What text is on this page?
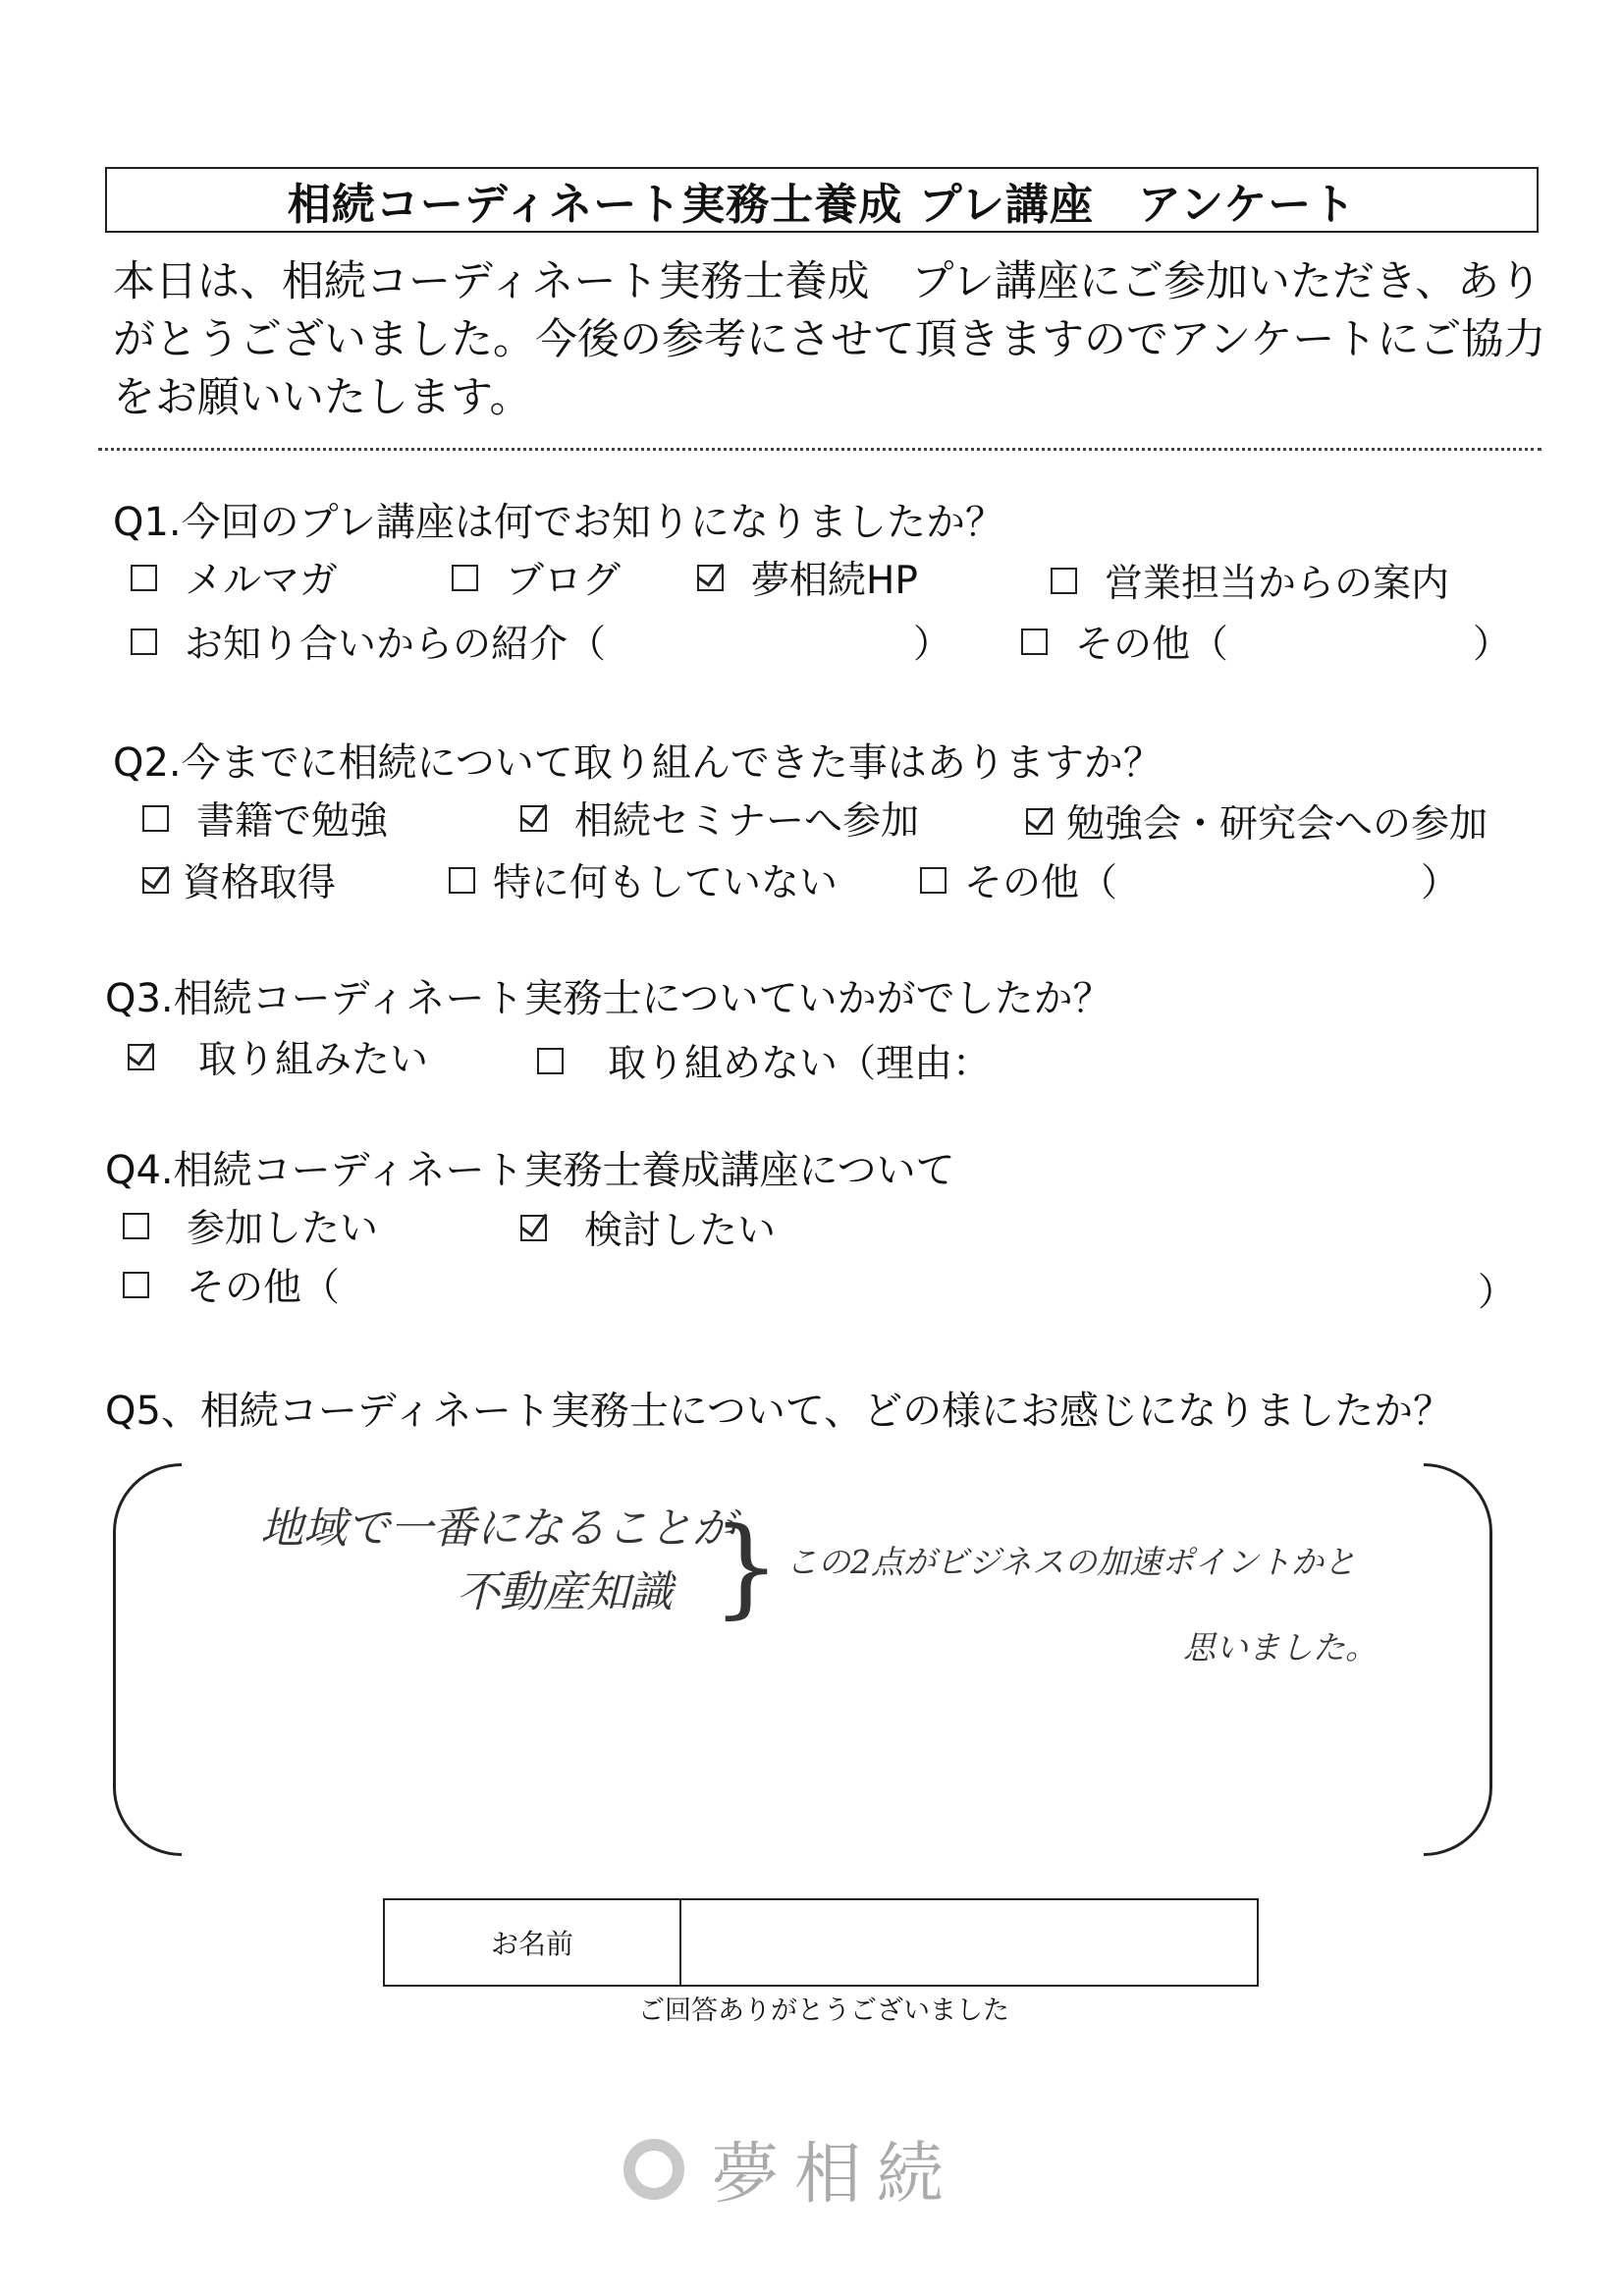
相続コーディネート実務士養成 プレ講座　アンケート

本日は、相続コーディネート実務士養成　プレ講座にご参加いただき、ありがとうございました。今後の参考にさせて頂きますのでアンケートにご協力をお願いいたします。

Q1.今回のプレ講座は何でお知りになりましたか？
メルマガ	ブログ	夢相続HP	営業担当からの案内
お知り合いからの紹介（	）	その他（	）
Q2.今までに相続について取り組んできた事はありますか？
書籍で勉強	相続セミナーへ参加	勉強会・研究会への参加
資格取得	特に何もしていない	その他（	）
Q3.相続コーディネート実務士についていかがでしたか？
取り組みたい	取り組めない（理由：
Q4.相続コーディネート実務士養成講座について
参加したい	検討したい
その他（	）
Q5、相続コーディネート実務士について、どの様にお感じになりましたか？
地域で一番になることが
不動産知識 } この2点がビジネスの加速ポイントかと
思いました。
お名前
ご回答ありがとうございました
夢相続
